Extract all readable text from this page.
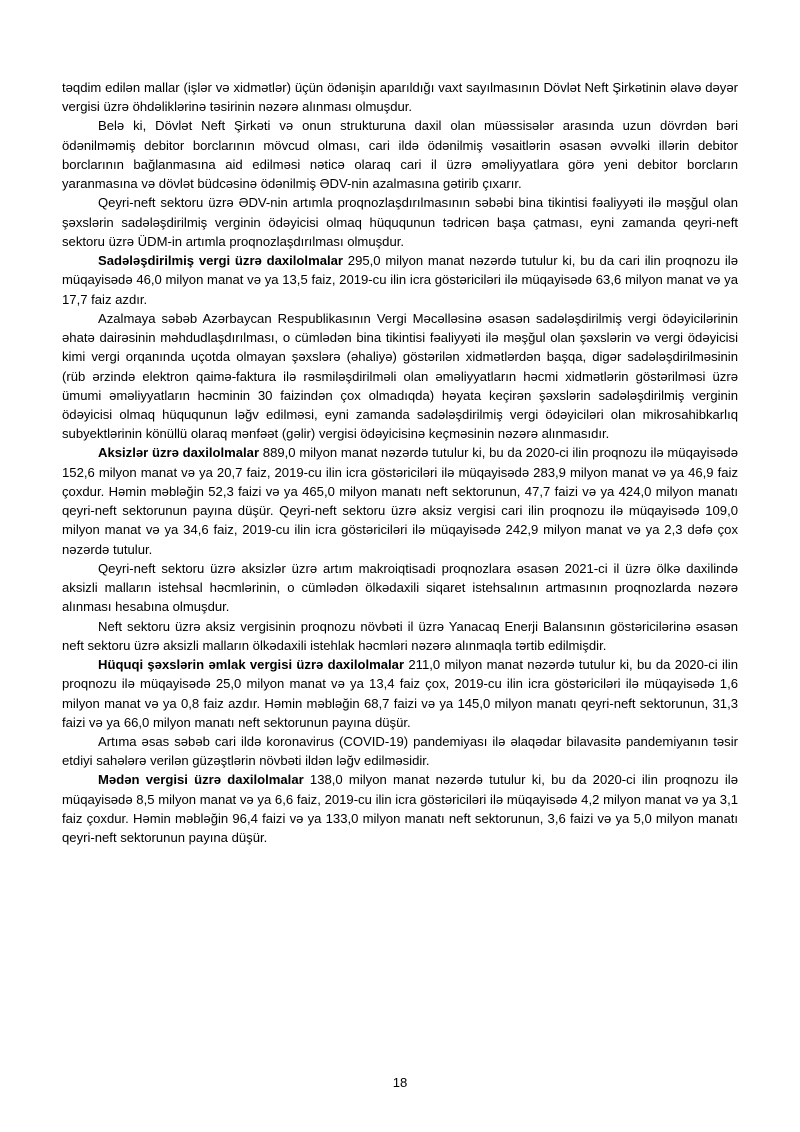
təqdim edilən mallar (işlər və xidmətlər) üçün ödənişin aparıldığı vaxt sayılmasının Dövlət Neft Şirkətinin əlavə dəyər vergisi üzrə öhdəliklərinə təsirinin nəzərə alınması olmuşdur.

Belə ki, Dövlət Neft Şirkəti və onun strukturuna daxil olan müəssisələr arasında uzun dövrdən bəri ödənilməmiş debitor borclarının mövcud olması, cari ildə ödənilmiş vəsaitlərin əsasən əvvəlki illərin debitor borclarının bağlanmasına aid edilməsi nəticə olaraq cari il üzrə əməliyyatlara görə yeni debitor borcların yaranmasına və dövlət büdcəsinə ödənilmiş ƏDV-nin azalmasına gətirib çıxarır.

Qeyri-neft sektoru üzrə ƏDV-nin artımla proqnozlaşdırılmasının səbəbi bina tikintisi fəaliyyəti ilə məşğul olan şəxslərin sadələşdirilmiş verginin ödəyicisi olmaq hüququnun tədricən başa çatması, eyni zamanda qeyri-neft sektoru üzrə ÜDM-in artımla proqnozlaşdırılması olmuşdur.

Sadələşdirilmiş vergi üzrə daxilolmalar 295,0 milyon manat nəzərdə tutulur ki, bu da cari ilin proqnozu ilə müqayisədə 46,0 milyon manat və ya 13,5 faiz, 2019-cu ilin icra göstəriciləri ilə müqayisədə 63,6 milyon manat və ya 17,7 faiz azdır.

Azalmaya səbəb Azərbaycan Respublikasının Vergi Məcəlləsinə əsasən sadələşdirilmiş vergi ödəyicilərinin əhatə dairəsinin məhdudlaşdırılması, o cümlədən bina tikintisi fəaliyyəti ilə məşğul olan şəxslərin və vergi ödəyicisi kimi vergi orqanında uçotda olmayan şəxslərə (əhaliyə) göstərilən xidmətlərdən başqa, digər sadələşdirilməsinin (rüb ərzində elektron qaimə-faktura ilə rəsmiləşdirilməli olan əməliyyatların həcmi xidmətlərin göstərilməsi üzrə ümumi əməliyyatların həcminin 30 faizindən çox olmadıqda) həyata keçirən şəxslərin sadələşdirilmiş verginin ödəyicisi olmaq hüququnun ləğv edilməsi, eyni zamanda sadələşdirilmiş vergi ödəyiciləri olan mikrosahibkarlıq subyektlərinin könüllü olaraq mənfəət (gəlir) vergisi ödəyicisinə keçməsinin nəzərə alınmasıdır.

Aksizlər üzrə daxilolmalar 889,0 milyon manat nəzərdə tutulur ki, bu da 2020-ci ilin proqnozu ilə müqayisədə 152,6 milyon manat və ya 20,7 faiz, 2019-cu ilin icra göstəriciləri ilə müqayisədə 283,9 milyon manat və ya 46,9 faiz çoxdur. Həmin məbləğin 52,3 faizi və ya 465,0 milyon manatı neft sektorunun, 47,7 faizi və ya 424,0 milyon manatı qeyri-neft sektorunun payına düşür. Qeyri-neft sektoru üzrə aksiz vergisi cari ilin proqnozu ilə müqayisədə 109,0 milyon manat və ya 34,6 faiz, 2019-cu ilin icra göstəriciləri ilə müqayisədə 242,9 milyon manat və ya 2,3 dəfə çox nəzərdə tutulur.

Qeyri-neft sektoru üzrə aksizlər üzrə artım makroiqtisadi proqnozlara əsasən 2021-ci il üzrə ölkə daxilində aksizli malların istehsal həcmlərinin, o cümlədən ölkədaxili siqaret istehsalının artmasının proqnozlarda nəzərə alınması hesabına olmuşdur.

Neft sektoru üzrə aksiz vergisinin proqnozu növbəti il üzrə Yanacaq Enerji Balansının göstəricilərinə əsasən neft sektoru üzrə aksizli malların ölkədaxili istehlak həcmləri nəzərə alınmaqla tərtib edilmişdir.

Hüquqi şəxslərin əmlak vergisi üzrə daxilolmalar 211,0 milyon manat nəzərdə tutulur ki, bu da 2020-ci ilin proqnozu ilə müqayisədə 25,0 milyon manat və ya 13,4 faiz çox, 2019-cu ilin icra göstəriciləri ilə müqayisədə 1,6 milyon manat və ya 0,8 faiz azdır. Həmin məbləğin 68,7 faizi və ya 145,0 milyon manatı qeyri-neft sektorunun, 31,3 faizi və ya 66,0 milyon manatı neft sektorunun payına düşür.

Artıma əsas səbəb cari ildə koronavirus (COVID-19) pandemiyası ilə əlaqədar bilavasitə pandemiyanın təsir etdiyi sahələrə verilən güzəştlərin növbəti ildən ləğv edilməsidir.

Mədən vergisi üzrə daxilolmalar 138,0 milyon manat nəzərdə tutulur ki, bu da 2020-ci ilin proqnozu ilə müqayisədə 8,5 milyon manat və ya 6,6 faiz, 2019-cu ilin icra göstəriciləri ilə müqayisədə 4,2 milyon manat və ya 3,1 faiz çoxdur. Həmin məbləğin 96,4 faizi və ya 133,0 milyon manatı neft sektorunun, 3,6 faizi və ya 5,0 milyon manatı qeyri-neft sektorunun payına düşür.

18
